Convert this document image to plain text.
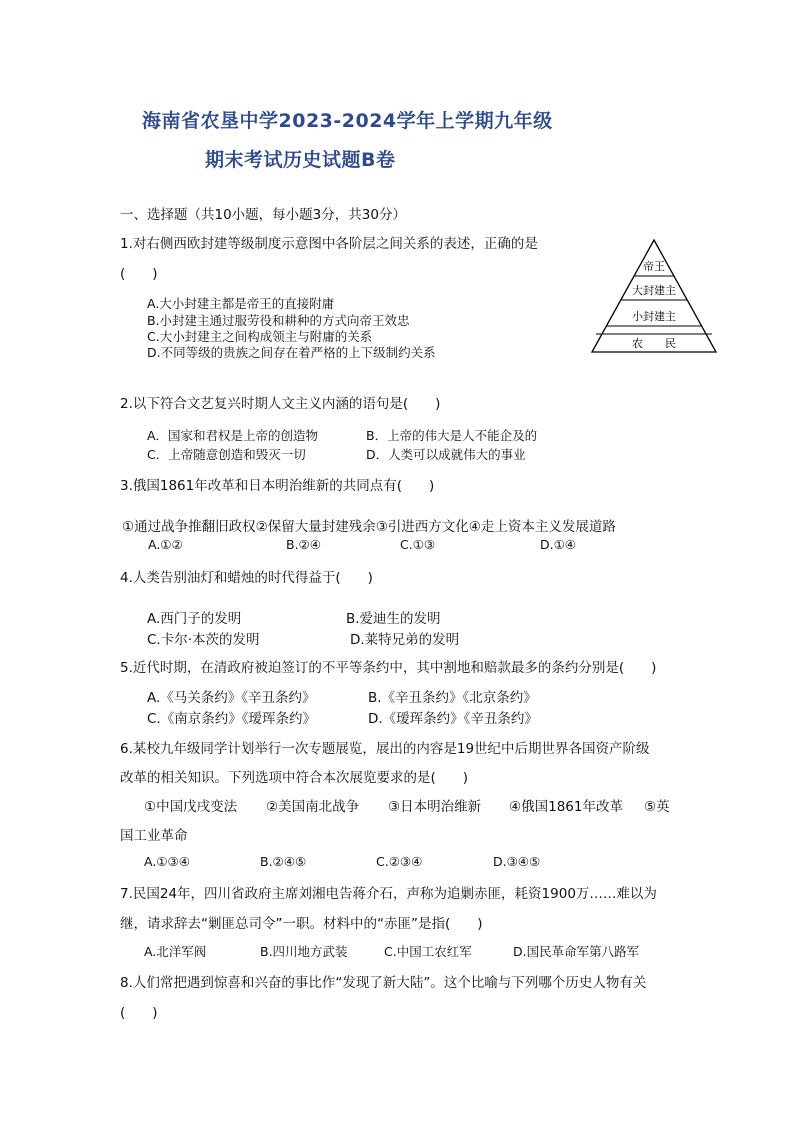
海南省农垦中学2023-2024学年上学期九年级
期末考试历史试题B卷
一、选择题（共10小题，每小题3分，共30分）
1.对右侧西欧封建等级制度示意图中各阶层之间关系的表述，正确的是
(　　)
A.大小封建主都是帝王的直接附庸
B.小封建主通过服劳役和耕种的方式向帝王效忠
C.大小封建主之间构成领主与附庸的关系
D.不同等级的贵族之间存在着严格的上下级制约关系
帝王
大封建主
小封建主
农　　民
2.以下符合文艺复兴时期人文主义内涵的语句是(　　)
A．国家和君权是上帝的创造物	B．上帝的伟大是人不能企及的
C．上帝随意创造和毁灭一切	D．人类可以成就伟大的事业
3.俄国1861年改革和日本明治维新的共同点有(　　)
①通过战争推翻旧政权②保留大量封建残余③引进西方文化④走上资本主义发展道路
A.①②	B.②④	C.①③	D.①④
4.人类告别油灯和蜡烛的时代得益于(　　)
A.西门子的发明	B.爱迪生的发明
C.卡尔·本茨的发明	D.莱特兄弟的发明
5.近代时期，在清政府被迫签订的不平等条约中，其中割地和赔款最多的条约分别是(　　)
A.《马关条约》《辛丑条约》	B.《辛丑条约》《北京条约》
C.《南京条约》《瑷珲条约》	D.《瑷珲条约》《辛丑条约》
6.某校九年级同学计划举行一次专题展览，展出的内容是19世纪中后期世界各国资产阶级
改革的相关知识。下列选项中符合本次展览要求的是(　　)
①中国戊戌变法 ②美国南北战争 ③日本明治维新 ④俄国1861年改革 ⑤英
国工业革命
A.①③④	B.②④⑤	C.②③④	D.③④⑤
7.民国24年，四川省政府主席刘湘电告蒋介石，声称为追剿赤匪，耗资1900万……难以为
继，请求辞去“剿匪总司令”一职。材料中的“赤匪”是指(　　)
A.北洋军阀	B.四川地方武装	C.中国工农红军	D.国民革命军第八路军
8.人们常把遇到惊喜和兴奋的事比作“发现了新大陆”。这个比喻与下列哪个历史人物有关
(　　)
